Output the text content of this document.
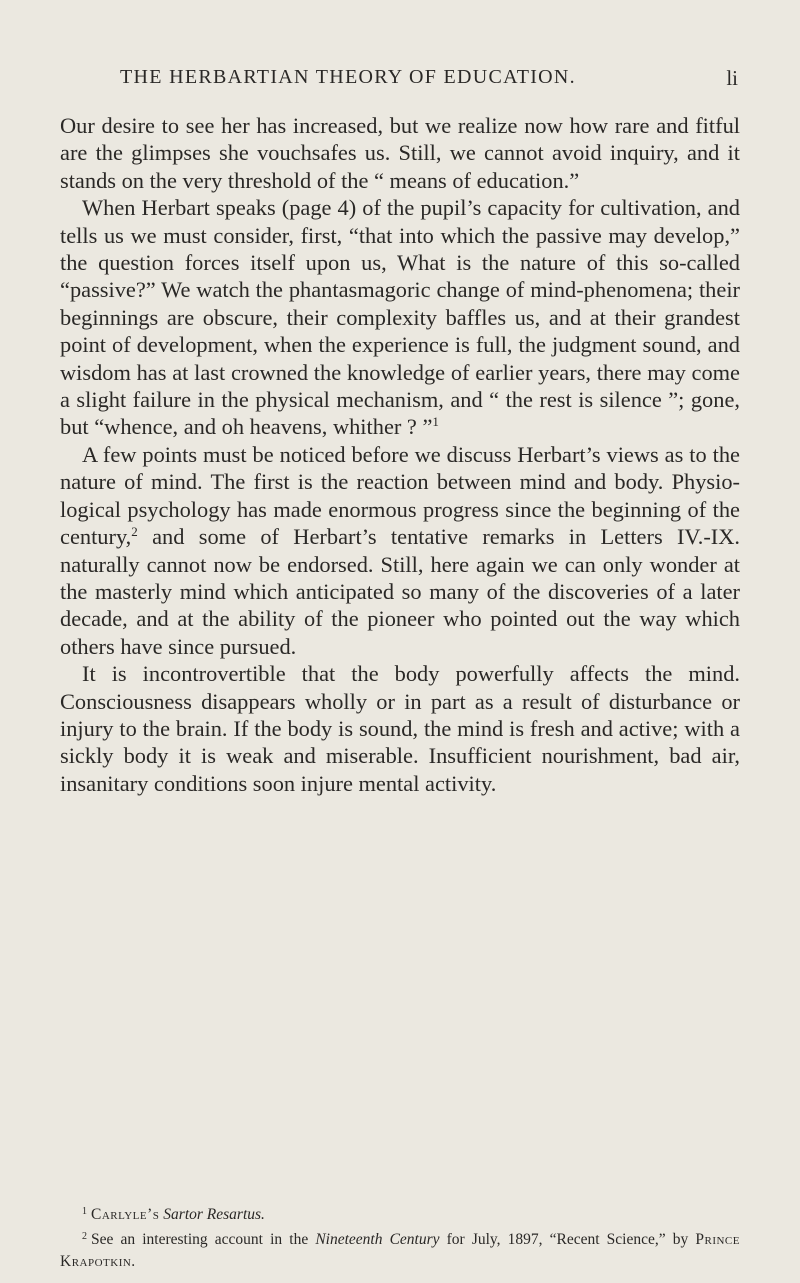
THE HERBARTIAN THEORY OF EDUCATION.	li

Our desire to see her has increased, but we realize now how rare and fitful are the glimpses she vouchsafes us. Still, we cannot avoid inquiry, and it stands on the very threshold of the “ means of education.”

When Herbart speaks (page 4) of the pupil’s capacity for cultivation, and tells us we must consider, first, “that into which the passive may develop,” the question forces itself upon us, What is the nature of this so-called “passive?” We watch the phantasmagoric change of mind-phenomena; their beginnings are obscure, their complexity baffles us, and at their grandest point of development, when the experience is full, the judgment sound, and wisdom has at last crowned the knowledge of earlier years, there may come a slight failure in the physical mechanism, and “ the rest is silence ”; gone, but “whence, and oh heavens, whither ? ”$^1$

A few points must be noticed before we discuss Herbart’s views as to the nature of mind. The first is the reaction between mind and body. Physio-logical psychology has made enormous progress since the beginning of the century,$^2$ and some of Herbart’s tentative remarks in Letters IV.-IX. naturally cannot now be endorsed. Still, here again we can only wonder at the masterly mind which anticipated so many of the discoveries of a later decade, and at the ability of the pioneer who pointed out the way which others have since pursued.

It is incontrovertible that the body powerfully affects the mind. Consciousness disappears wholly or in part as a result of disturbance or injury to the brain. If the body is sound, the mind is fresh and active; with a sickly body it is weak and miserable. Insufficient nourishment, bad air, insanitary conditions soon injure mental activity.

$^1$ Carlyle’s Sartor Resartus.

$^2$ See an interesting account in the Nineteenth Century for July, 1897, “Recent Science,” by Prince Krapotkin.
